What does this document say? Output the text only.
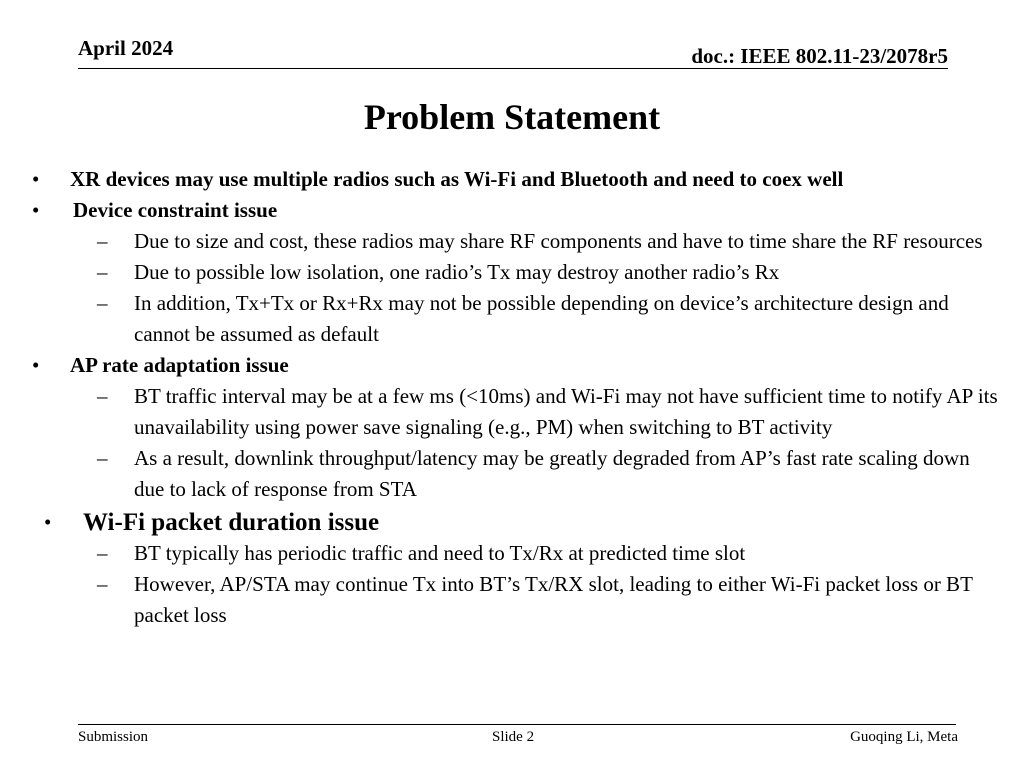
April 2024	doc.: IEEE 802.11-23/2078r5
Problem Statement
• XR devices may use multiple radios such as Wi-Fi and Bluetooth and need to coex well
• Device constraint issue
– Due to size and cost, these radios may share RF components and have to time share the RF resources
– Due to possible low isolation, one radio’s Tx may destroy another radio’s Rx
– In addition, Tx+Tx or Rx+Rx may not be possible depending on device’s architecture design and cannot be assumed as default
• AP rate adaptation issue
– BT traffic interval may be at a few ms (<10ms) and Wi-Fi may not have sufficient time to notify AP its unavailability using power save signaling (e.g., PM) when switching to BT activity
– As a result, downlink throughput/latency may be greatly degraded from AP’s fast rate scaling down due to lack of response from STA
• Wi-Fi packet duration issue
– BT typically has periodic traffic and need to Tx/Rx at predicted time slot
– However, AP/STA may continue Tx into BT’s Tx/RX slot, leading to either Wi-Fi packet loss or BT packet loss
Submission	Slide 2	Guoqing Li, Meta
